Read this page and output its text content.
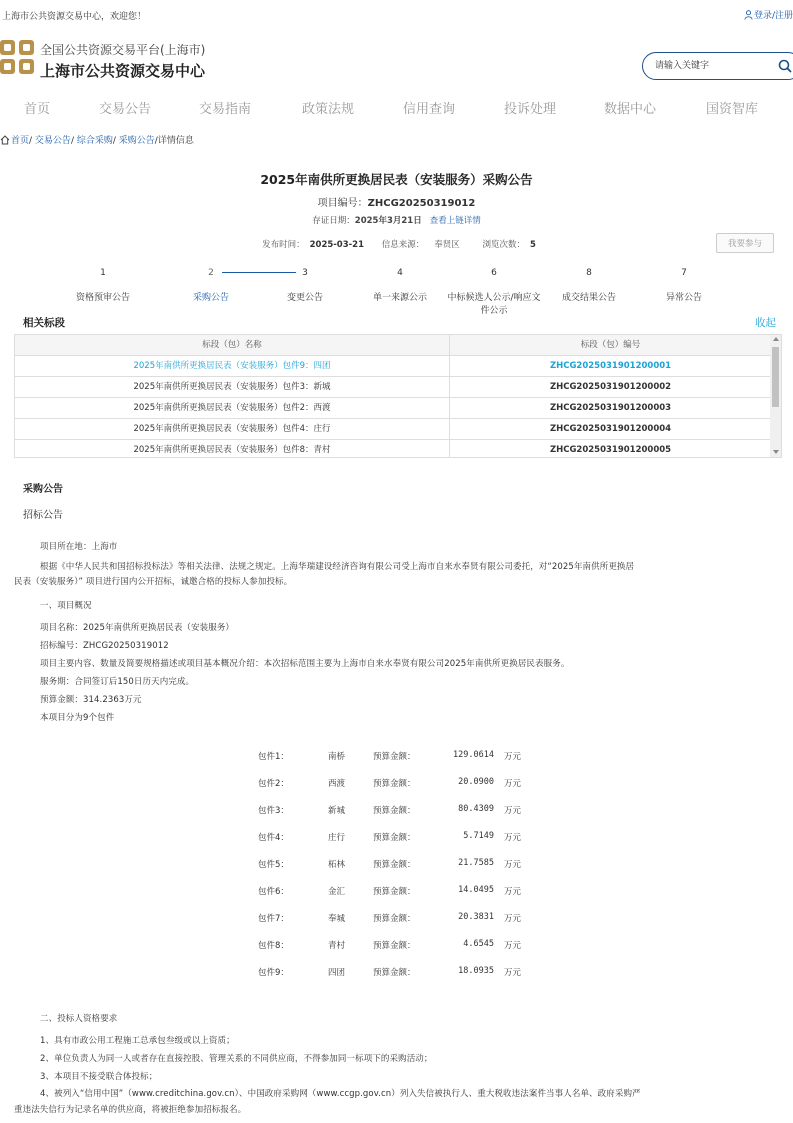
上海市公共资源交易中心，欢迎您！	登录/注册
全国公共资源交易平台(上海市)
上海市公共资源交易中心
请输入关键字
首页	交易公告	交易指南	政策法规	信用查询	投诉处理	数据中心	国资智库
首页/ 交易公告/ 综合采购/ 采购公告/详情信息
2025年南供所更换居民表（安装服务）采购公告
项目编号：ZHCG20250319012
存证日期：2025年3月21日 查看上链详情
发布时间： 2025-03-21 信息来源： 奉贤区	浏览次数： 5	我要参与
1
资格预审公告
2
采购公告
3
变更公告
4
单一来源公示
6
中标候选人公示/响应文件公示
8
成交结果公告
7
异常公告
相关标段	收起
标段（包）名称	标段（包）编号
2025年南供所更换居民表（安装服务）包件9：四团	ZHCG2025031901200001
2025年南供所更换居民表（安装服务）包件3：新城	ZHCG2025031901200002
2025年南供所更换居民表（安装服务）包件2：西渡	ZHCG2025031901200003
2025年南供所更换居民表（安装服务）包件4：庄行	ZHCG2025031901200004
2025年南供所更换居民表（安装服务）包件8：青村	ZHCG2025031901200005
采购公告
招标公告
项目所在地：上海市
根据《中华人民共和国招标投标法》等相关法律、法规之规定。上海华瑞建设经济咨询有限公司受上海市自来水奉贤有限公司委托，对“2025年南供所更换居
民表（安装服务）” 项目进行国内公开招标，诚邀合格的投标人参加投标。
一、项目概况
项目名称：2025年南供所更换居民表（安装服务）
招标编号：ZHCG20250319012
项目主要内容、数量及简要规格描述或项目基本概况介绍：本次招标范围主要为上海市自来水奉贤有限公司2025年南供所更换居民表服务。
服务期：合同签订后150日历天内完成。
预算金额：314.2363万元
本项目分为9个包件
包件1：	南桥	预算金额：	129.0614 万元
包件2：	西渡	预算金额：	20.0900 万元
包件3：	新城	预算金额：	80.4309 万元
包件4：	庄行	预算金额：	5.7149 万元
包件5：	柘林	预算金额：	21.7585 万元
包件6：	金汇	预算金额：	14.0495 万元
包件7：	奉城	预算金额：	20.3831 万元
包件8：	青村	预算金额：	4.6545 万元
包件9：	四团	预算金额：	18.0935 万元
二、投标人资格要求
1、具有市政公用工程施工总承包叁级或以上资质；
2、单位负责人为同一人或者存在直接控股、管理关系的不同供应商，不得参加同一标项下的采购活动；
3、本项目不接受联合体投标；
4、被列入“信用中国”（www.creditchina.gov.cn）、中国政府采购网（www.ccgp.gov.cn）列入失信被执行人、重大税收违法案件当事人名单、政府采购严
重违法失信行为记录名单的供应商，将被拒绝参加招标报名。
